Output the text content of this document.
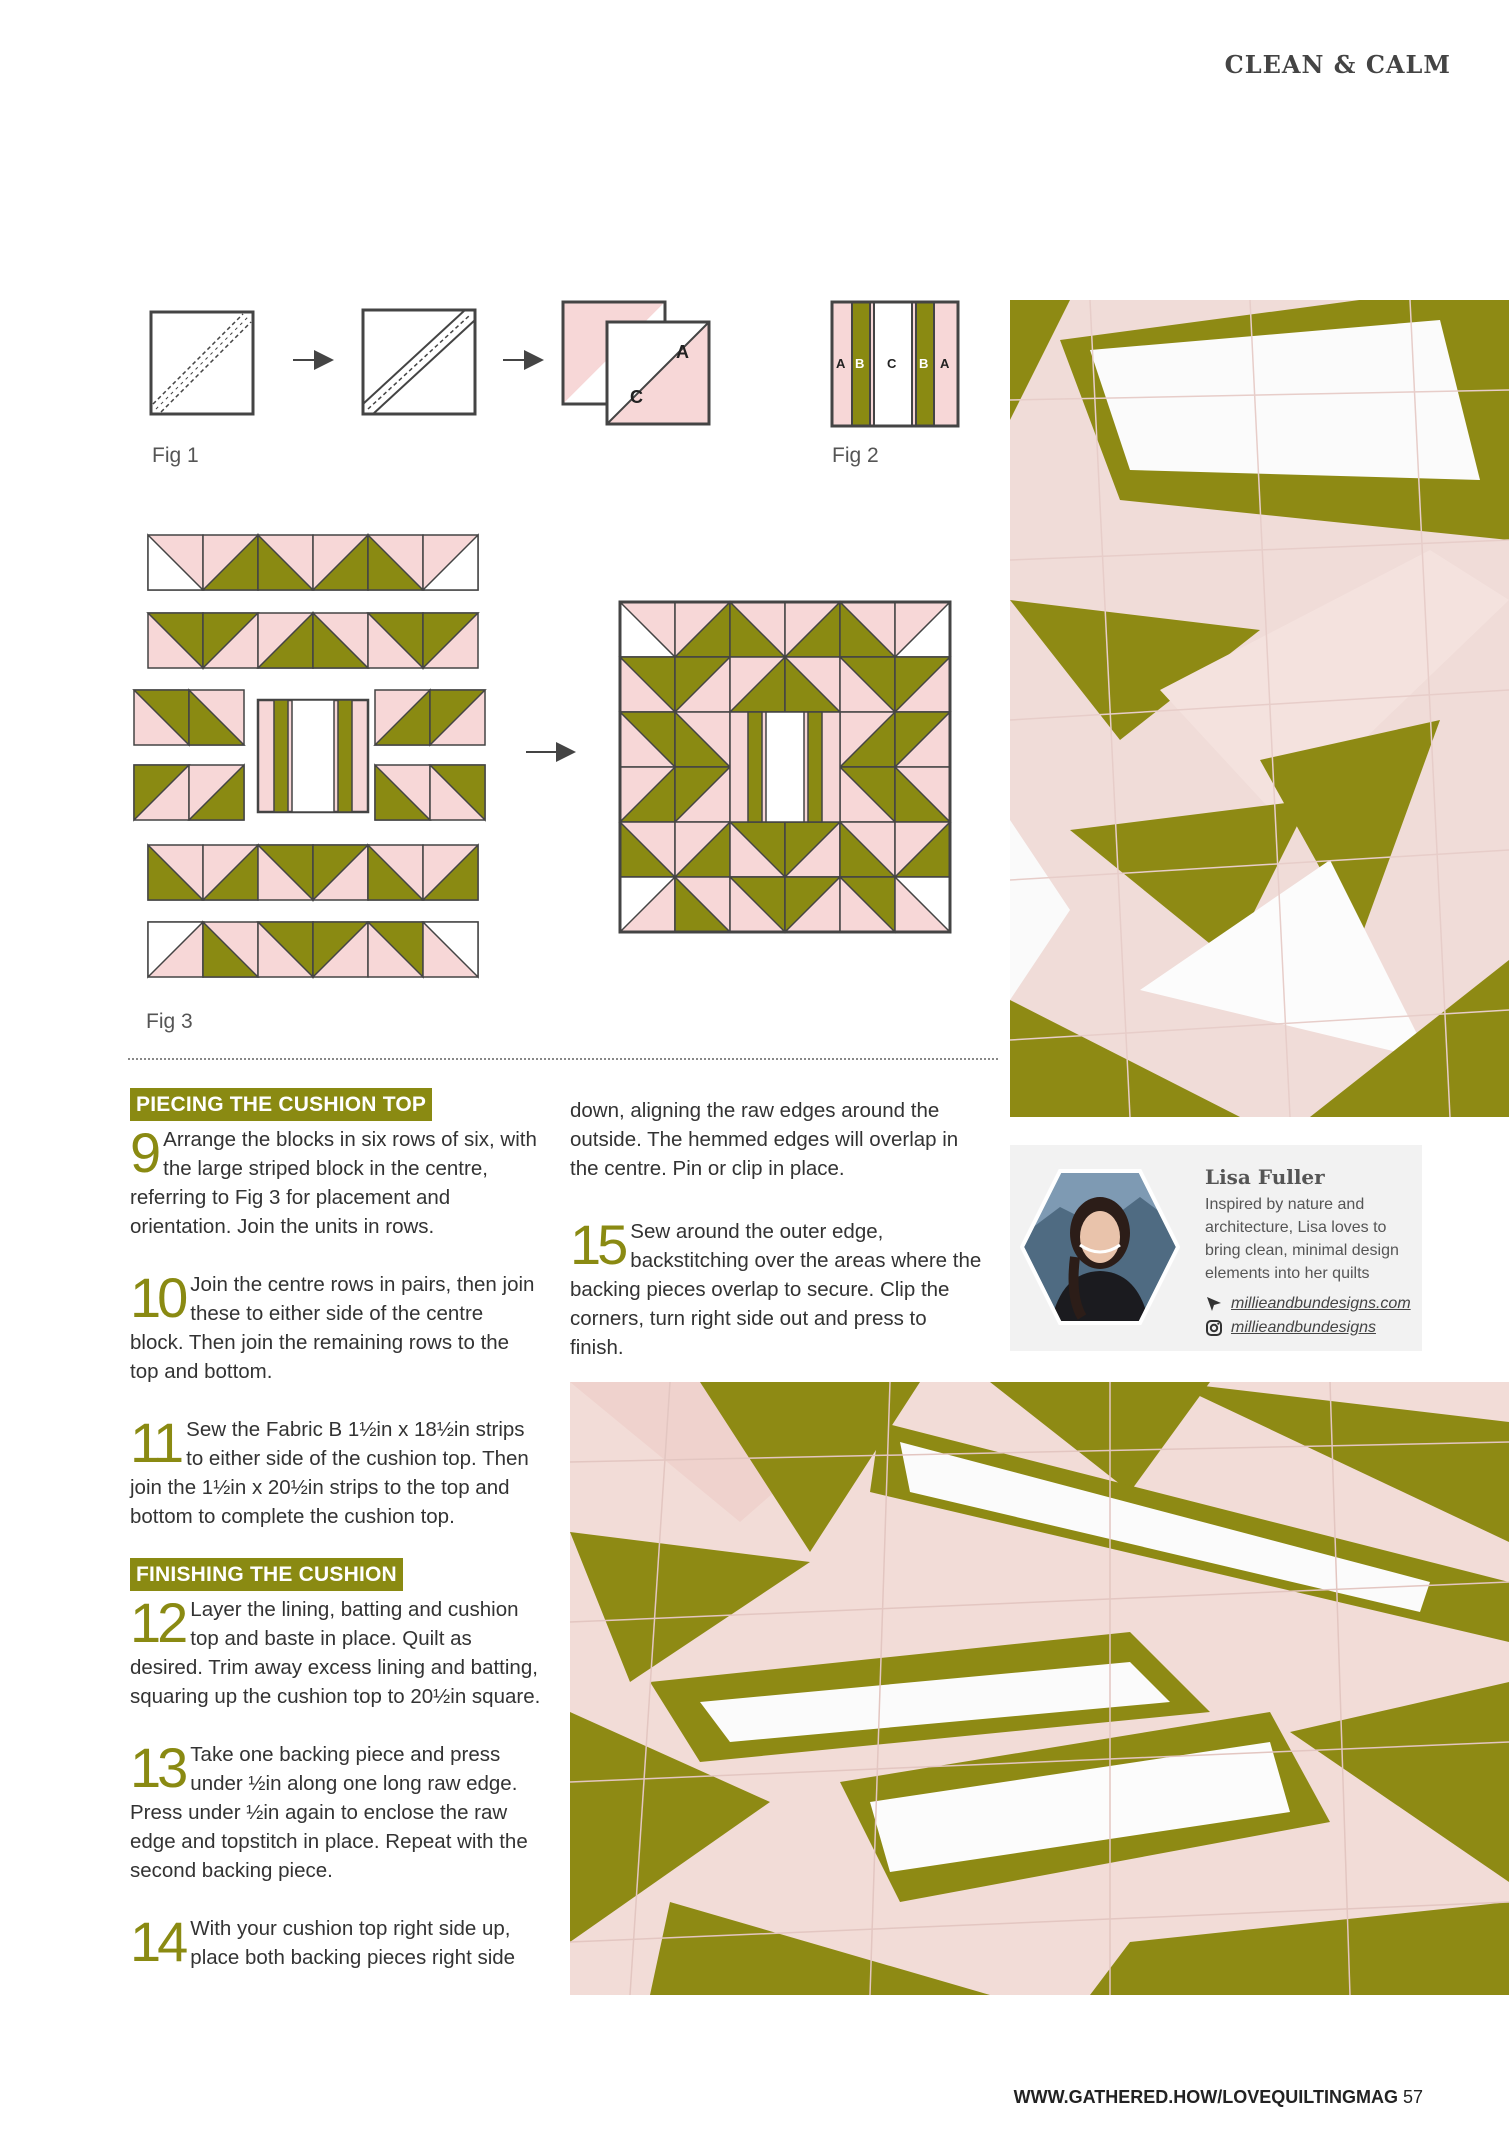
CLEAN & CALM
A
C
A B C B A
Fig 1	Fig 2
Fig 3
PIECING THE CUSHION TOP
9 Arrange the blocks in six rows of six, with the large striped block in the centre, referring to Fig 3 for placement and orientation. Join the units in rows.
10 Join the centre rows in pairs, then join these to either side of the centre block. Then join the remaining rows to the top and bottom.
11 Sew the Fabric B 1½in x 18½in strips to either side of the cushion top. Then join the 1½in x 20½in strips to the top and bottom to complete the cushion top.
FINISHING THE CUSHION
12 Layer the lining, batting and cushion top and baste in place. Quilt as desired. Trim away excess lining and batting, squaring up the cushion top to 20½in square.
13 Take one backing piece and press under ½in along one long raw edge. Press under ½in again to enclose the raw edge and topstitch in place. Repeat with the second backing piece.
14 With your cushion top right side up, place both backing pieces right side
down, aligning the raw edges around the outside. The hemmed edges will overlap in the centre. Pin or clip in place.
15 Sew around the outer edge, backstitching over the areas where the backing pieces overlap to secure. Clip the corners, turn right side out and press to finish.
Lisa Fuller
Inspired by nature and architecture, Lisa loves to bring clean, minimal design elements into her quilts
millieandbundesigns.com
millieandbundesigns
WWW.GATHERED.HOW/LOVEQUILTINGMAG 57
